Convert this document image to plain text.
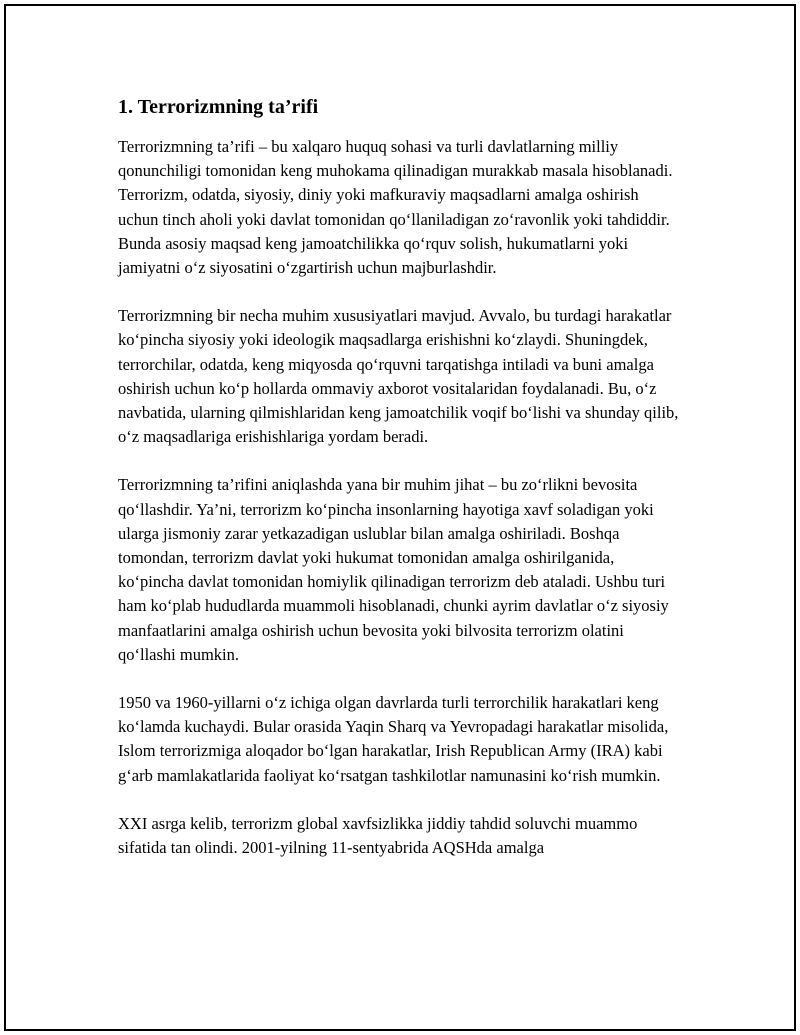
1. Terrorizmning ta’rifi

Terrorizmning ta’rifi – bu xalqaro huquq sohasi va turli davlatlarning milliy qonunchiligi tomonidan keng muhokama qilinadigan murakkab masala hisoblanadi. Terrorizm, odatda, siyosiy, diniy yoki mafkuraviy maqsadlarni amalga oshirish uchun tinch aholi yoki davlat tomonidan qo‘llaniladigan zo‘ravonlik yoki tahdiddir. Bunda asosiy maqsad keng jamoatchilikka qo‘rquv solish, hukumatlarni yoki jamiyatni o‘z siyosatini o‘zgartirish uchun majburlashdir.

Terrorizmning bir necha muhim xususiyatlari mavjud. Avvalo, bu turdagi harakatlar ko‘pincha siyosiy yoki ideologik maqsadlarga erishishni ko‘zlaydi. Shuningdek, terrorchilar, odatda, keng miqyosda qo‘rquvni tarqatishga intiladi va buni amalga oshirish uchun ko‘p hollarda ommaviy axborot vositalaridan foydalanadi. Bu, o‘z navbatida, ularning qilmishlaridan keng jamoatchilik voqif bo‘lishi va shunday qilib, o‘z maqsadlariga erishishlariga yordam beradi.

Terrorizmning ta’rifini aniqlashda yana bir muhim jihat – bu zo‘rlikni bevosita qo‘llashdir. Ya’ni, terrorizm ko‘pincha insonlarning hayotiga xavf soladigan yoki ularga jismoniy zarar yetkazadigan uslublar bilan amalga oshiriladi. Boshqa tomondan, terrorizm davlat yoki hukumat tomonidan amalga oshirilganida, ko‘pincha davlat tomonidan homiylik qilinadigan terrorizm deb ataladi. Ushbu turi ham ko‘plab hududlarda muammoli hisoblanadi, chunki ayrim davlatlar o‘z siyosiy manfaatlarini amalga oshirish uchun bevosita yoki bilvosita terrorizm olatini qo‘llashi mumkin.

1950 va 1960-yillarni o‘z ichiga olgan davrlarda turli terrorchilik harakatlari keng ko‘lamda kuchaydi. Bular orasida Yaqin Sharq va Yevropadagi harakatlar misolida, Islom terrorizmiga aloqador bo‘lgan harakatlar, Irish Republican Army (IRA) kabi g‘arb mamlakatlarida faoliyat ko‘rsatgan tashkilotlar namunasini ko‘rish mumkin.

XXI asrga kelib, terrorizm global xavfsizlikka jiddiy tahdid soluvchi muammo sifatida tan olindi. 2001-yilning 11-sentyabrida AQSHda amalga
